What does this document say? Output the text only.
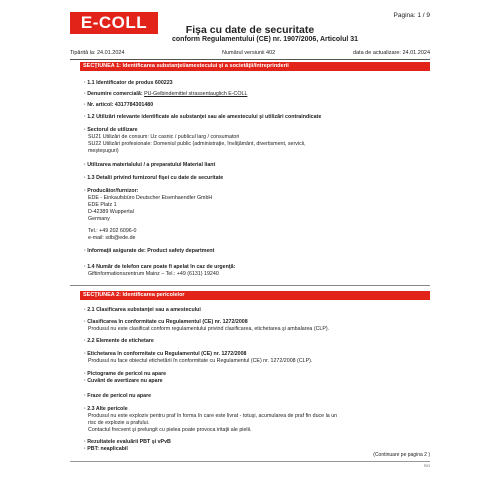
E-COLL	Pagina: 1 / 9
Fişa cu date de securitate
conform Regulamentului (CE) nr. 1907/2006, Articolul 31
Tipărită la: 24.01.2024	Numărul versiunii 402	data de actualizare: 24.01.2024
SECŢIUNEA 1: Identificarea substanţei/amestecului şi a societăţii/întreprinderii
· 1.1 Identificator de produs 600223
· Denumire comercială: PU-Gelbindemittel strassentauglich E-COLL
· Nr. articol: 4317784301480
· 1.2 Utilizări relevante identificate ale substanţei sau ale amestecului şi utilizări contraindicate
· Sectorul de utilizare
SU21 Utilizări de consum: Uz casnic / publicul larg / consumatori
SU22 Utilizări profesionale: Domeniul public (administraţie, învăţământ, divertisment, servicii,
meşteşuguri)
· Utilizarea materialului / a preparatului Material liant
· 1.3 Detalii privind furnizorul fişei cu date de securitate
· Producător/furnizor:
EDE - Einkaufsbüro Deutscher Eisenhaendler GmbH
EDE Platz 1
D-42389 Wuppertal
Germany
Tel.: +49 202 6096-0
e-mail: sdb@ede.de
· Informaţii asigurate de: Product safety department
· 1.4 Număr de telefon care poate fi apelat în caz de urgenţă:
Giftinformationszentrum Mainz – Tel.: +49 (6131) 19240
SECŢIUNEA 2: Identificarea pericolelor
· 2.1 Clasificarea substanţei sau a amestecului
· Clasificarea în conformitate cu Regulamentul (CE) nr. 1272/2008
Produsul nu este clasificat conform regulamentului privind clasificarea, etichetarea şi ambalarea (CLP).
· 2.2 Elemente de etichetare
· Etichetarea în conformitate cu Regulamentul (CE) nr. 1272/2008
Produsul nu face obiectul etichetării în conformitate cu Regulamentul (CE) nr. 1272/2008 (CLP).
· Pictograme de pericol nu apare
· Cuvânt de avertizare nu apare
· Fraze de pericol nu apare
· 2.3 Alte pericole
Produsul nu este exploziv pentru praf în forma în care este livrat - totuşi, acumularea de praf fin duce la un
risc de explozie a prafului.
Contactul frecvent şi prelungit cu pielea poate provoca iritaţii ale pielii.
· Rezultatele evaluării PBT şi vPvB
· PBT: neaplicabil
(Continuare pe pagina 2 )
RO
